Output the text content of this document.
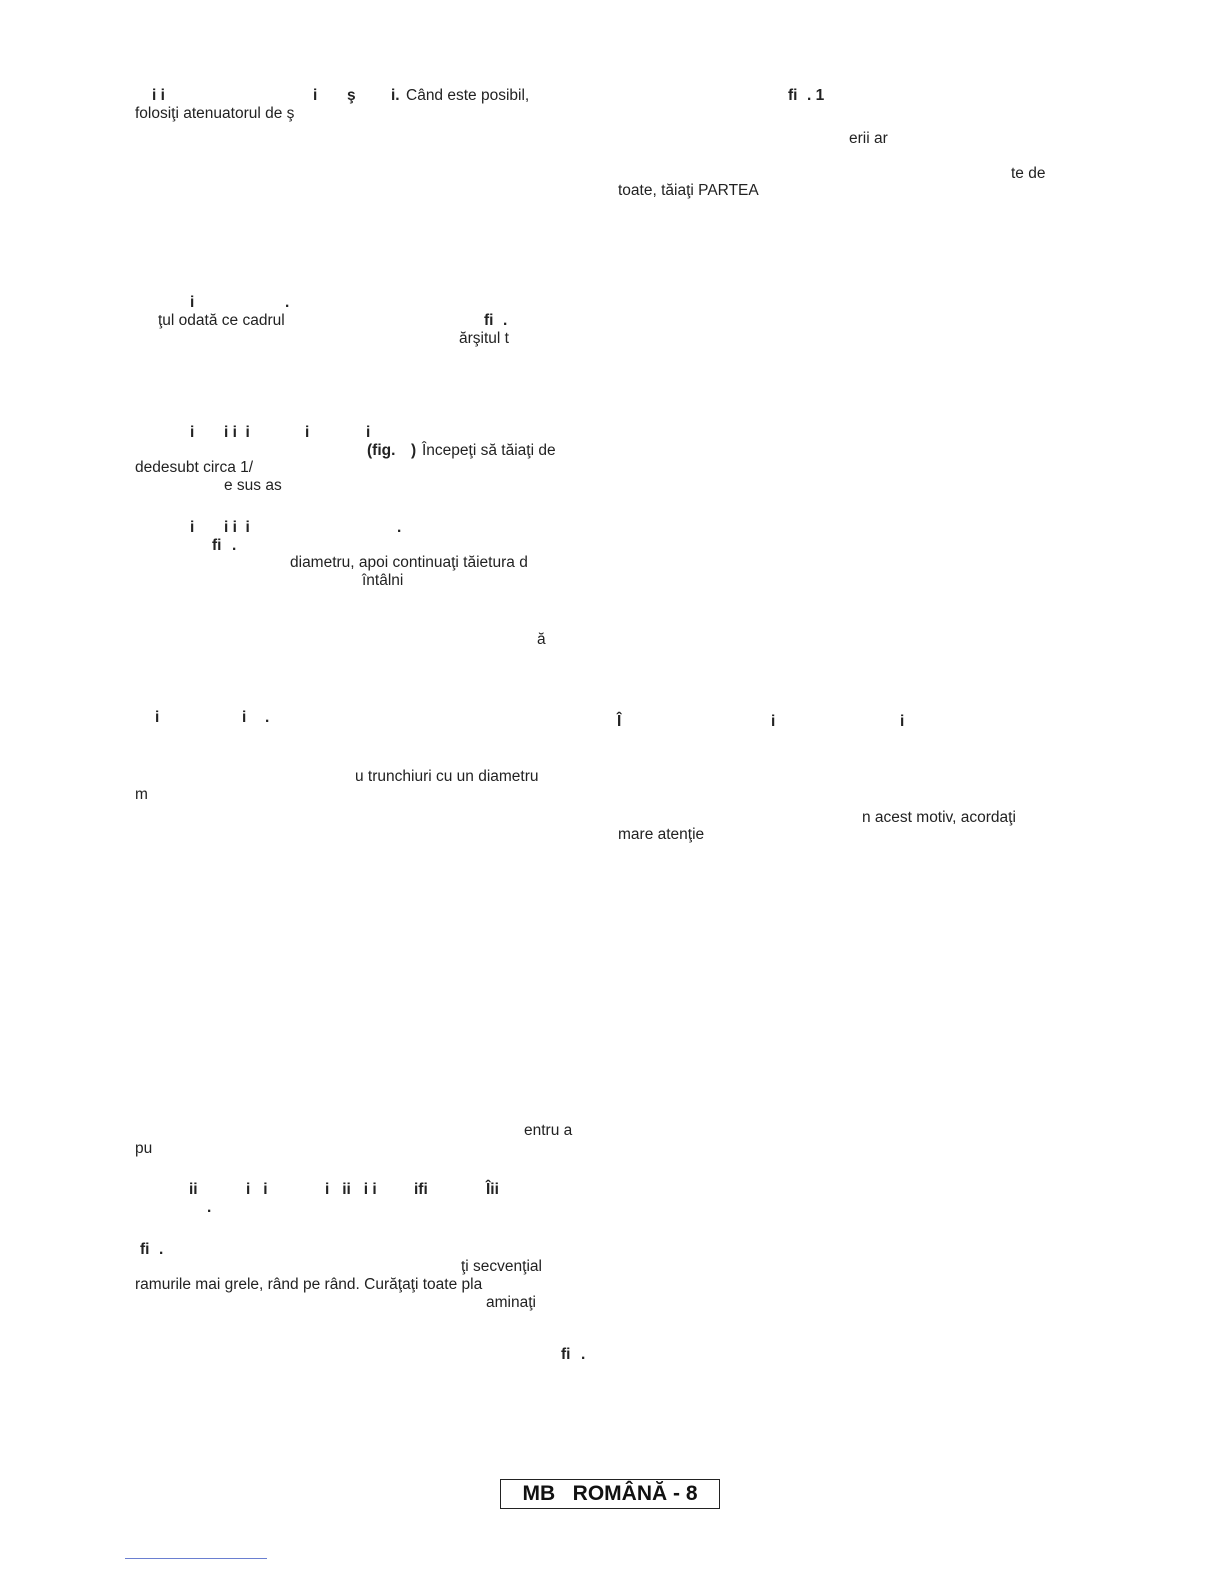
i i	i ş i. Când este posibil,
folosiţi atenuatorul de ş
i	.
ţul odată ce cadrul	fi .
ărşitul t
i i i  i	i	i
(fig. ) Începeţi să tăiaţi de
dedesubt circa 1/
e sus as
i i i  i	.
fi .
diametru, apoi continuaţi tăietura d
întâlni
ă
i	i .
u trunchiuri cu un diametru
m
entru a
pu
ii	i   i	i   ii   i i ifi	Îii
.
fi .
ţi secvenţial
ramurile mai grele, rând pe rând. Curăţaţi toate pla
aminaţi
fi .
fi . 1
erii ar
te de
toate, tăiaţi PARTEA
Î	i	i
n acest motiv, acordaţi
mare atenţie
MB   ROMÂNĂ - 8
